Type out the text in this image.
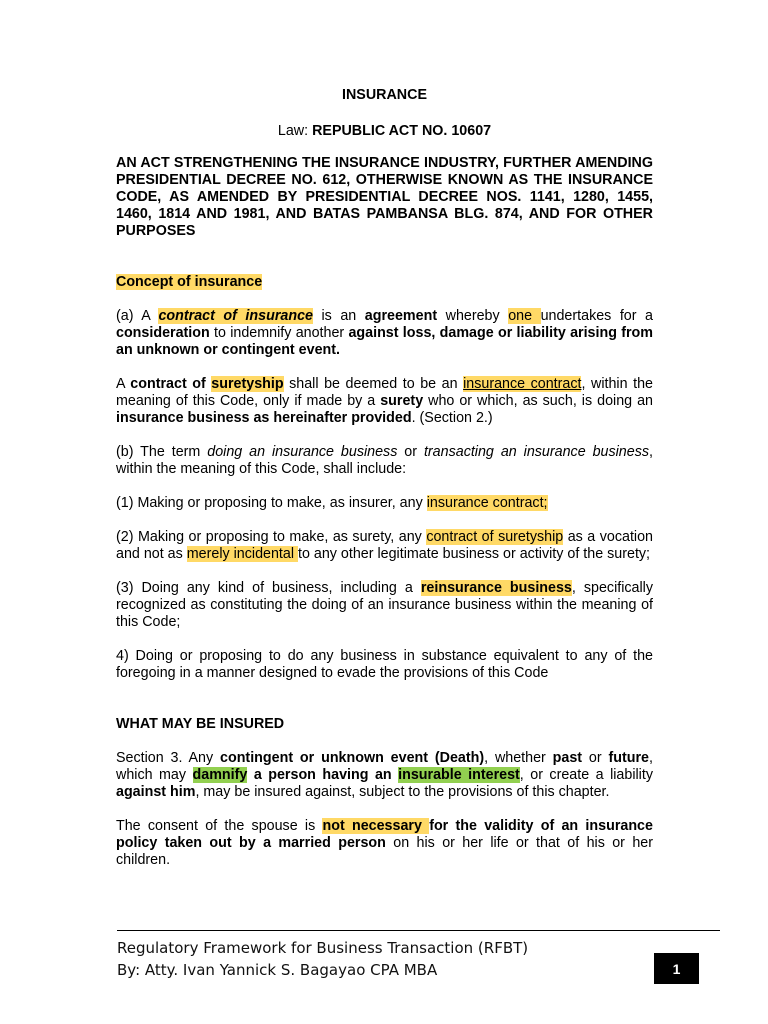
INSURANCE
Law: REPUBLIC ACT NO. 10607

AN ACT STRENGTHENING THE INSURANCE INDUSTRY, FURTHER AMENDING PRESIDENTIAL DECREE NO. 612, OTHERWISE KNOWN AS THE INSURANCE CODE, AS AMENDED BY PRESIDENTIAL DECREE NOS. 1141, 1280, 1455, 1460, 1814 AND 1981, AND BATAS PAMBANSA BLG. 874, AND FOR OTHER PURPOSES

Concept of insurance

(a) A contract of insurance is an agreement whereby one undertakes for a consideration to indemnify another against loss, damage or liability arising from an unknown or contingent event.

A contract of suretyship shall be deemed to be an insurance contract, within the meaning of this Code, only if made by a surety who or which, as such, is doing an insurance business as hereinafter provided. (Section 2.)

(b) The term doing an insurance business or transacting an insurance business, within the meaning of this Code, shall include:

(1) Making or proposing to make, as insurer, any insurance contract;

(2) Making or proposing to make, as surety, any contract of suretyship as a vocation and not as merely incidental to any other legitimate business or activity of the surety;

(3) Doing any kind of business, including a reinsurance business, specifically recognized as constituting the doing of an insurance business within the meaning of this Code;

4) Doing or proposing to do any business in substance equivalent to any of the foregoing in a manner designed to evade the provisions of this Code

WHAT MAY BE INSURED

Section 3. Any contingent or unknown event (Death), whether past or future, which may damnify a person having an insurable interest, or create a liability against him, may be insured against, subject to the provisions of this chapter.

The consent of the spouse is not necessary for the validity of an insurance policy taken out by a married person on his or her life or that of his or her children.

Regulatory Framework for Business Transaction (RFBT)
By: Atty. Ivan Yannick S. Bagayao CPA MBA	1
